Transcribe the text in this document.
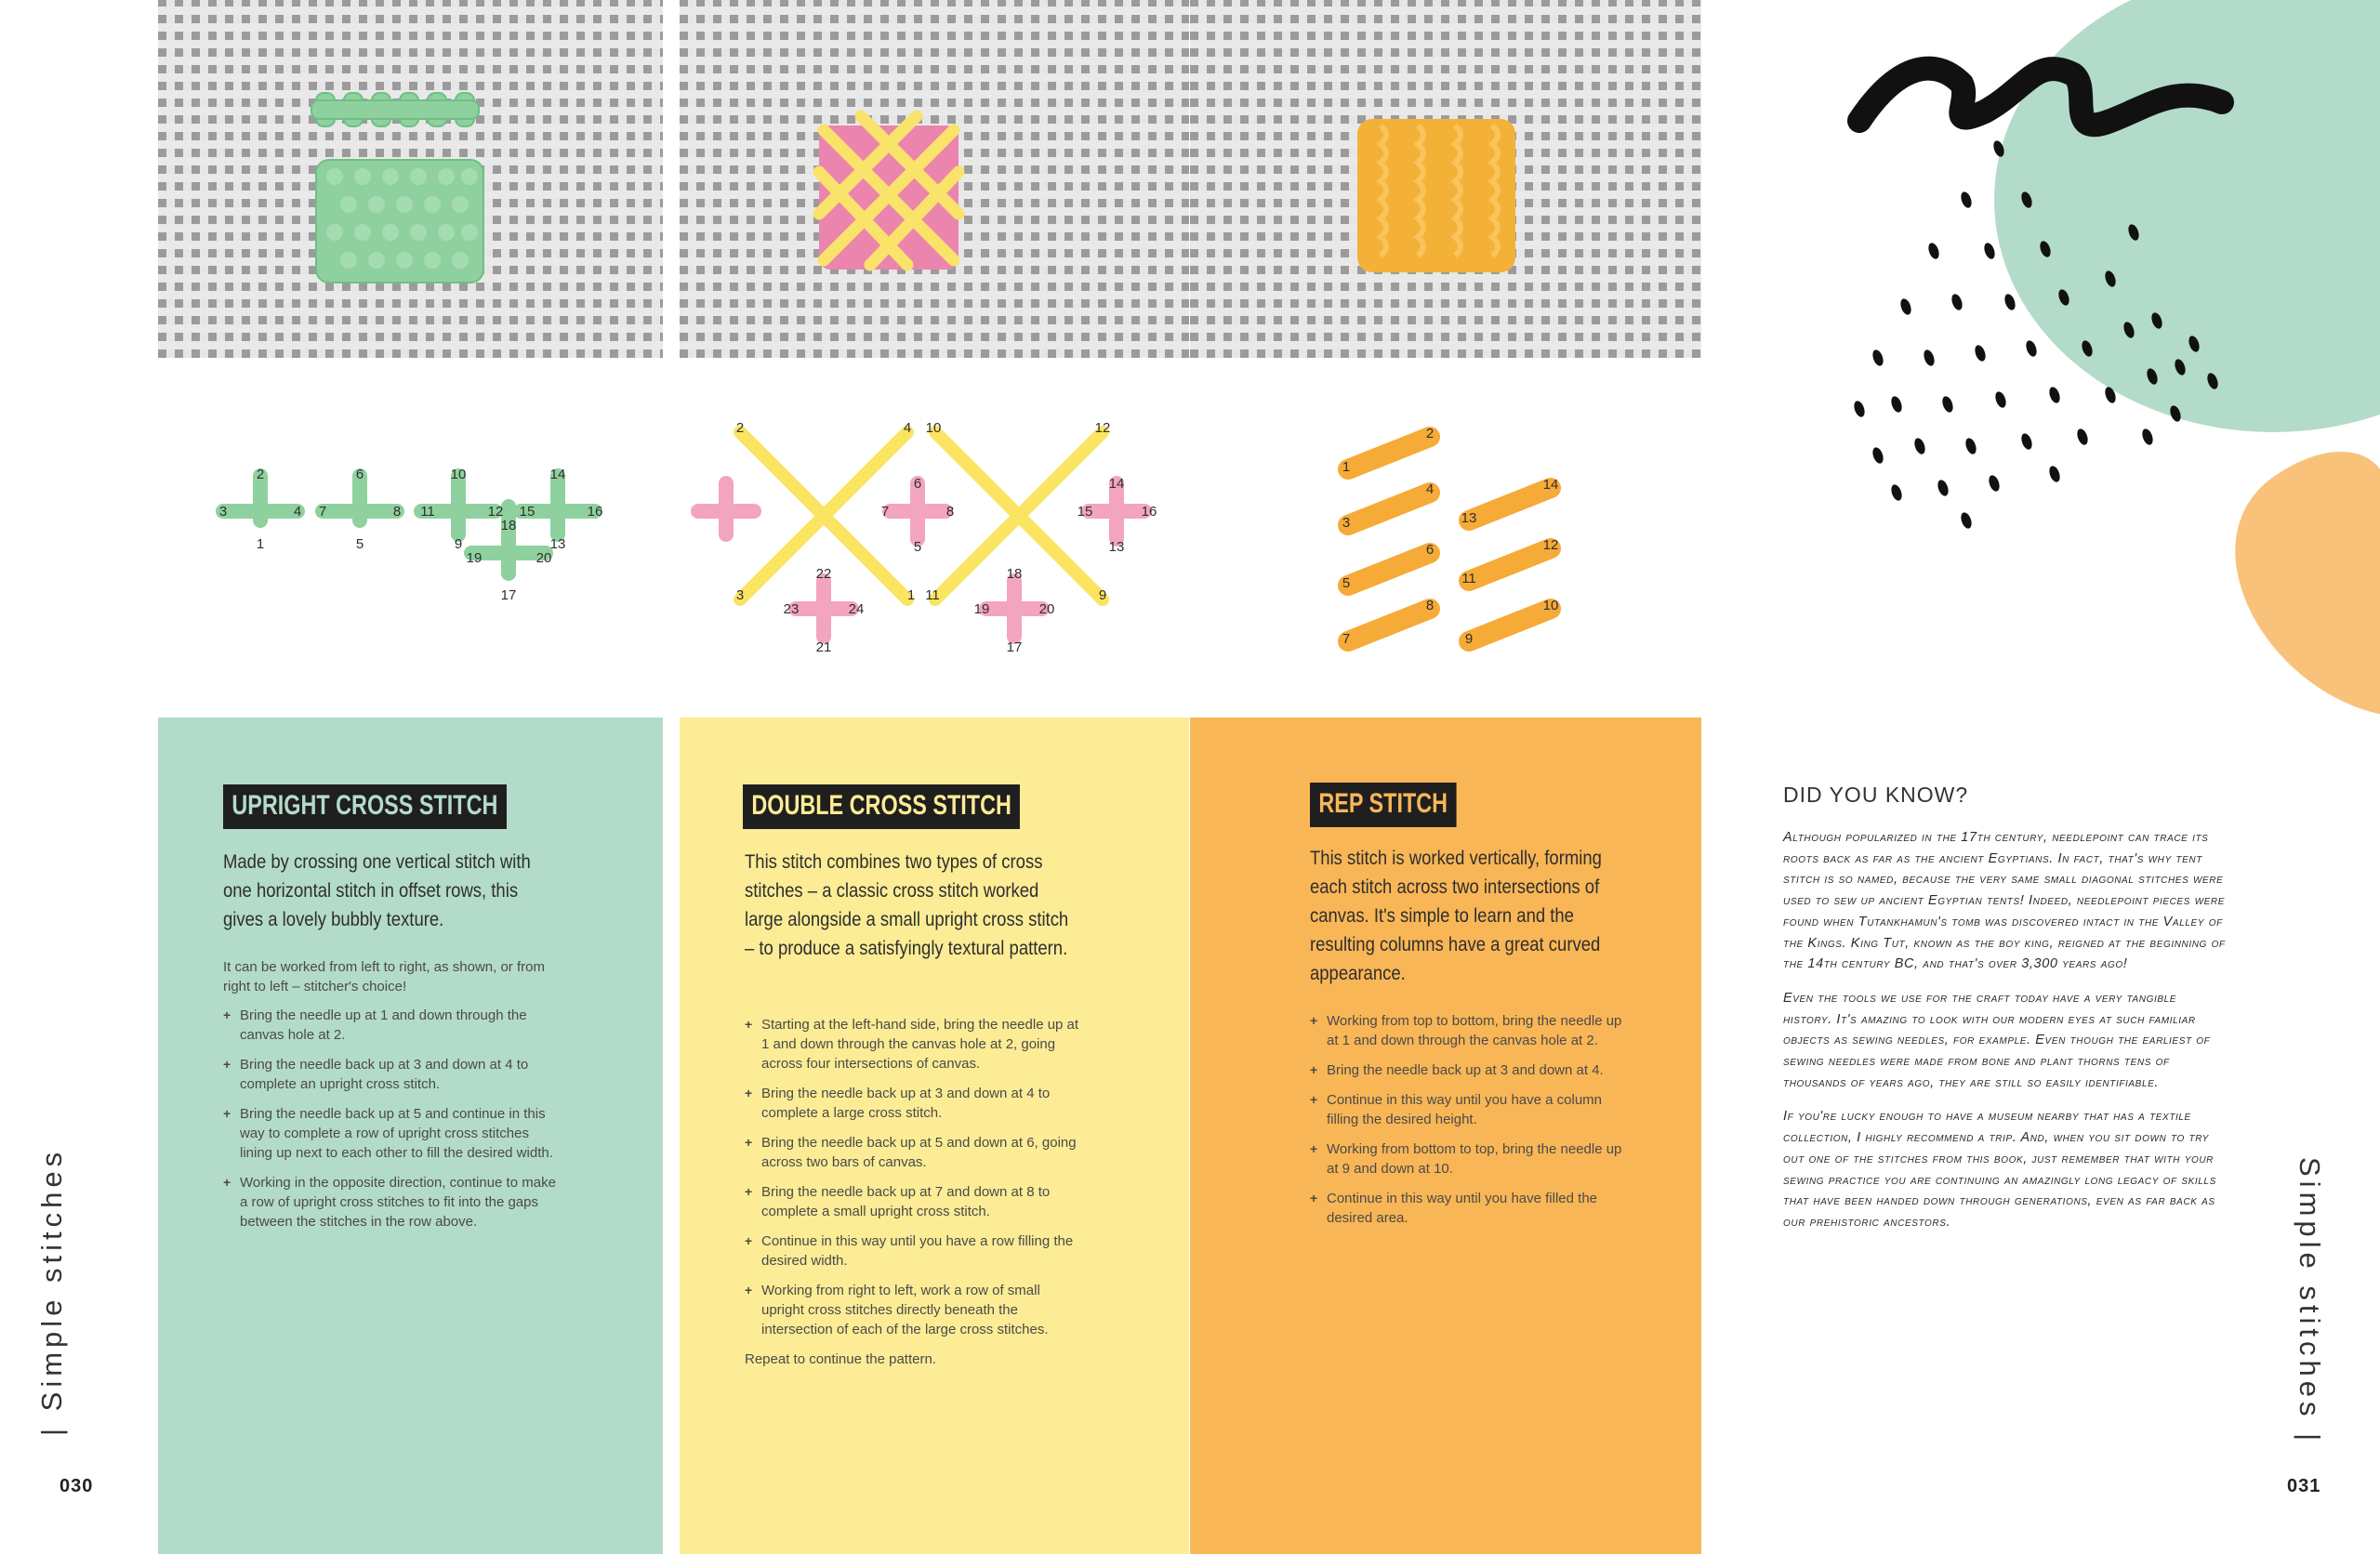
1
2
3	4
5
6
7	8
9
10
11	12
13
14
15	16
17
18
19	20
1
2
3
4
5
6
7	8
9
10
11
12
13
14
15	16
17
18
19	20
21
22
23	24
1
2
3
4
5
6
7
8
9
10
11
12
13
14
UPRIGHT CROSS STITCH
Made by crossing one vertical stitch with one horizontal stitch in offset rows, this gives a lovely bubbly texture.

It can be worked from left to right, as shown, or from right to left – stitcher's choice!

+ Bring the needle up at 1 and down through the canvas hole at 2.
+ Bring the needle back up at 3 and down at 4 to complete an upright cross stitch.
+ Bring the needle back up at 5 and continue in this way to complete a row of upright cross stitches lining up next to each other to fill the desired width.
+ Working in the opposite direction, continue to make a row of upright cross stitches to fit into the gaps between the stitches in the row above.
DOUBLE CROSS STITCH
This stitch combines two types of cross stitches – a classic cross stitch worked large alongside a small upright cross stitch – to produce a satisfyingly textural pattern.
+ Starting at the left-hand side, bring the needle up at 1 and down through the canvas hole at 2, going across four intersections of canvas.
+ Bring the needle back up at 3 and down at 4 to complete a large cross stitch.
+ Bring the needle back up at 5 and down at 6, going across two bars of canvas.
+ Bring the needle back up at 7 and down at 8 to complete a small upright cross stitch.
+ Continue in this way until you have a row filling the desired width.
+ Working from right to left, work a row of small upright cross stitches directly beneath the intersection of each of the large cross stitches.

Repeat to continue the pattern.

REP STITCH
This stitch is worked vertically, forming each stitch across two intersections of canvas. It's simple to learn and the resulting columns have a great curved appearance.
+ Working from top to bottom, bring the needle up at 1 and down through the canvas hole at 2.
+ Bring the needle back up at 3 and down at 4.
+ Continue in this way until you have a column filling the desired height.
+ Working from bottom to top, bring the needle up at 9 and down at 10.
+ Continue in this way until you have filled the desired area.
DID YOU KNOW?

Although popularized in the 17th century, needlepoint can trace its roots back as far as the ancient Egyptians. In fact, that's why tent stitch is so named, because the very same small diagonal stitches were used to sew up ancient Egyptian tents! Indeed, needlepoint pieces were found when Tutankhamun's tomb was discovered intact in the Valley of the Kings. King Tut, known as the boy king, reigned at the beginning of the 14th century BC, and that's over 3,300 years ago!

Even the tools we use for the craft today have a very tangible history. It's amazing to look with our modern eyes at such familiar objects as sewing needles, for example. Even though the earliest of sewing needles were made from bone and plant thorns tens of thousands of years ago, they are still so easily identifiable.

If you're lucky enough to have a museum nearby that has a textile collection, I highly recommend a trip. And, when you sit down to try out one of the stitches from this book, just remember that with your sewing practice you are continuing an amazingly long legacy of skills that have been handed down through generations, even as far back as our prehistoric ancestors.

| Simple stitches	Simple stitches |
030	031
